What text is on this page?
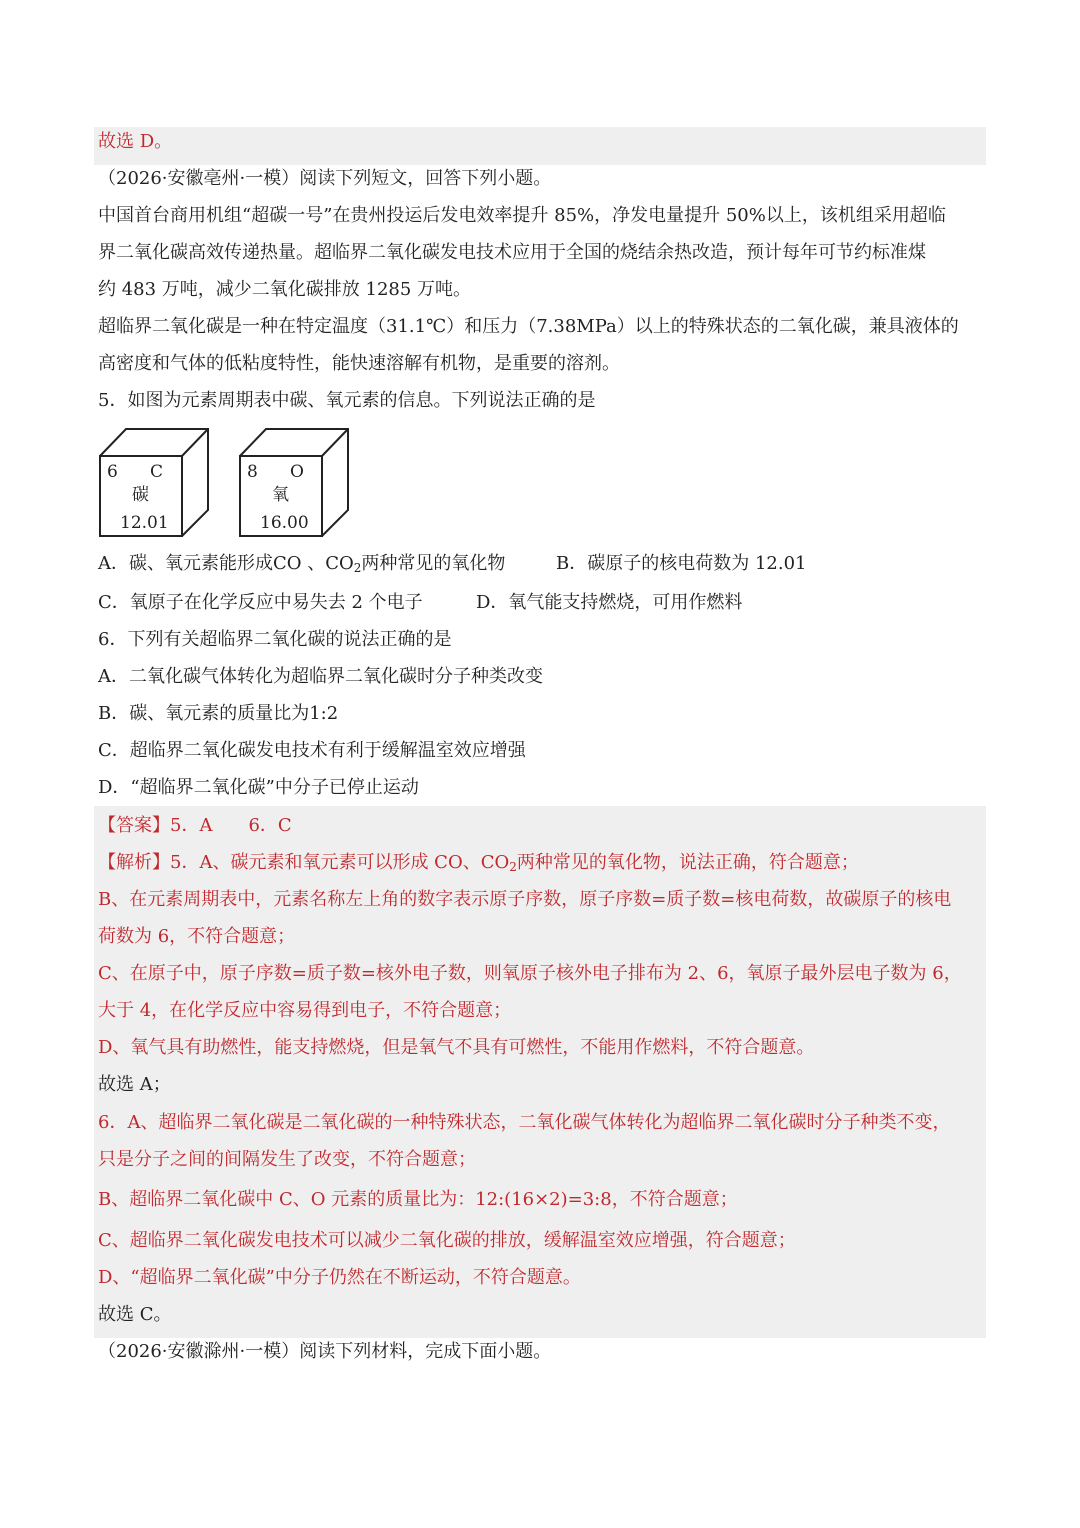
故选 D。
（2026·安徽亳州·一模）阅读下列短文，回答下列小题。
中国首台商用机组“超碳一号”在贵州投运后发电效率提升 85%，净发电量提升 50%以上，该机组采用超临
界二氧化碳高效传递热量。超临界二氧化碳发电技术应用于全国的烧结余热改造，预计每年可节约标准煤
约 483 万吨，减少二氧化碳排放 1285 万吨。
超临界二氧化碳是一种在特定温度（31.1℃）和压力（7.38MPa）以上的特殊状态的二氧化碳，兼具液体的
高密度和气体的低粘度特性，能快速溶解有机物，是重要的溶剂。
5．如图为元素周期表中碳、氧元素的信息。下列说法正确的是
6 C
碳
12.01
8 O
氧
16.00
A．碳、氧元素能形成CO 、$CO_2$两种常见的氧化物	B．碳原子的核电荷数为 12.01
C．氧原子在化学反应中易失去 2 个电子	D．氧气能支持燃烧，可用作燃料
6．下列有关超临界二氧化碳的说法正确的是
A．二氧化碳气体转化为超临界二氧化碳时分子种类改变
B．碳、氧元素的质量比为1:2
C．超临界二氧化碳发电技术有利于缓解温室效应增强
D．“超临界二氧化碳”中分子已停止运动
【答案】5．A　　6．C
【解析】5．A、碳元素和氧元素可以形成 CO、$CO_2$两种常见的氧化物，说法正确，符合题意；
B、在元素周期表中，元素名称左上角的数字表示原子序数，原子序数=质子数=核电荷数，故碳原子的核电
荷数为 6，不符合题意；
C、在原子中，原子序数=质子数=核外电子数，则氧原子核外电子排布为 2、6，氧原子最外层电子数为 6，
大于 4，在化学反应中容易得到电子，不符合题意；
D、氧气具有助燃性，能支持燃烧，但是氧气不具有可燃性，不能用作燃料，不符合题意。
故选 A；
6．A、超临界二氧化碳是二氧化碳的一种特殊状态，二氧化碳气体转化为超临界二氧化碳时分子种类不变，
只是分子之间的间隔发生了改变，不符合题意；
B、超临界二氧化碳中 C、O 元素的质量比为：12:(16×2)=3:8，不符合题意；
C、超临界二氧化碳发电技术可以减少二氧化碳的排放，缓解温室效应增强，符合题意；
D、“超临界二氧化碳”中分子仍然在不断运动，不符合题意。
故选 C。
（2026·安徽滁州·一模）阅读下列材料，完成下面小题。
